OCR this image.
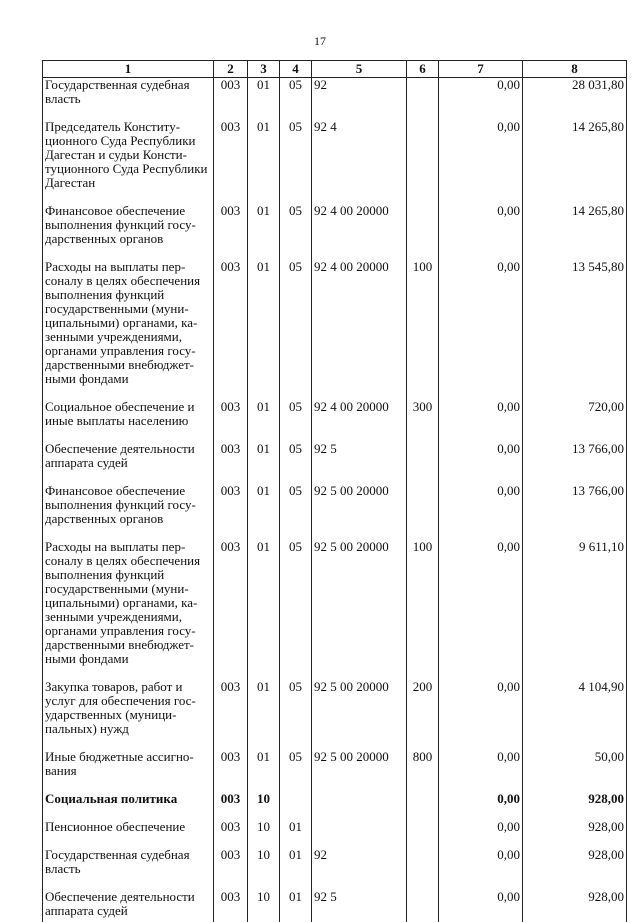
17
1	2	3	4	5	6	7	8
Государственная судебная власть	003	01	05	92		0,00	28 031,80
Председатель Конституционного Суда Республики Дагестан и судьи Конституционного Суда Республики Дагестан	003	01	05	92 4		0,00	14 265,80
Финансовое обеспечение выполнения функций государственных органов	003	01	05	92 4 00 20000		0,00	14 265,80
Расходы на выплаты персоналу в целях обеспечения выполнения функций государственными (муниципальными) органами, казенными учреждениями, органами управления государственными внебюджетными фондами	003	01	05	92 4 00 20000	100	0,00	13 545,80
Социальное обеспечение и иные выплаты населению	003	01	05	92 4 00 20000	300	0,00	720,00
Обеспечение деятельности аппарата судей	003	01	05	92 5		0,00	13 766,00
Финансовое обеспечение выполнения функций государственных органов	003	01	05	92 5 00 20000		0,00	13 766,00
Расходы на выплаты персоналу в целях обеспечения выполнения функций государственными (муниципальными) органами, казенными учреждениями, органами управления государственными внебюджетными фондами	003	01	05	92 5 00 20000	100	0,00	9 611,10
Закупка товаров, работ и услуг для обеспечения государственных (муниципальных) нужд	003	01	05	92 5 00 20000	200	0,00	4 104,90
Иные бюджетные ассигнования	003	01	05	92 5 00 20000	800	0,00	50,00
Социальная политика	003	10				0,00	928,00
Пенсионное обеспечение	003	10	01			0,00	928,00
Государственная судебная власть	003	10	01	92		0,00	928,00
Обеспечение деятельности аппарата судей	003	10	01	92 5		0,00	928,00
